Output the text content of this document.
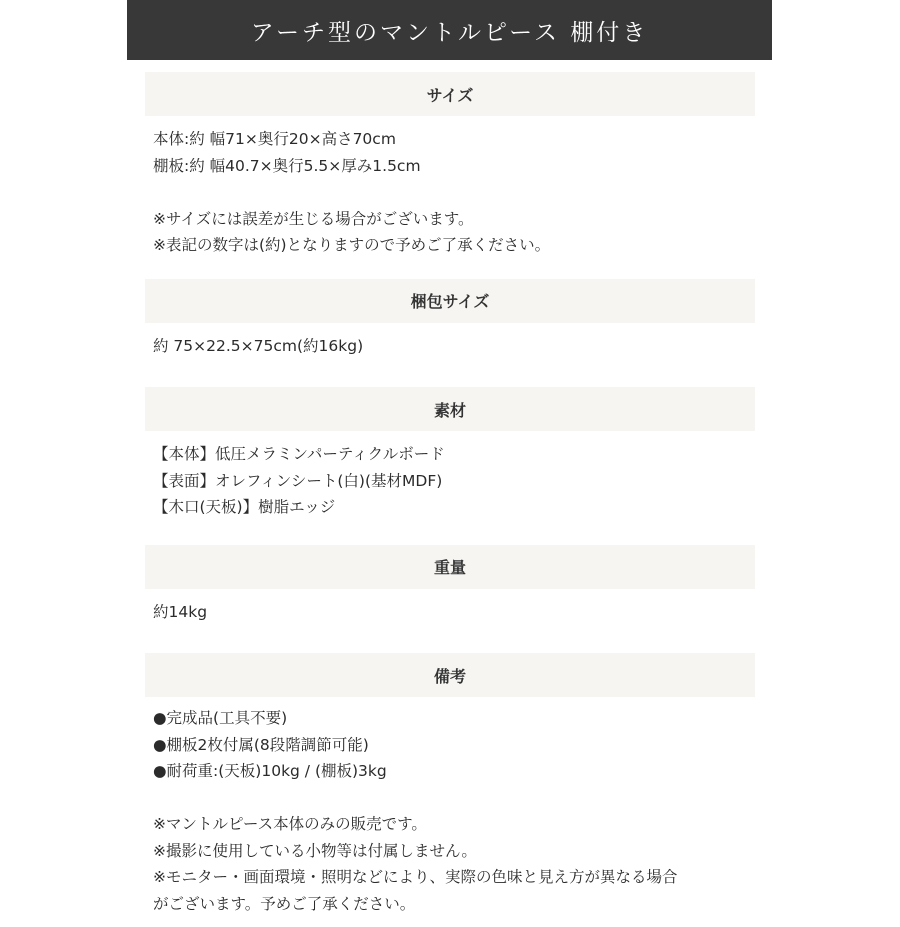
アーチ型のマントルピース 棚付き
サイズ
本体:約 幅71×奥行20×高さ70cm
棚板:約 幅40.7×奥行5.5×厚み1.5cm
※サイズには誤差が生じる場合がございます。
※表記の数字は(約)となりますので予めご了承ください。
梱包サイズ
約 75×22.5×75cm(約16kg)
素材
【本体】低圧メラミンパーティクルボード
【表面】オレフィンシート(白)(基材MDF)
【木口(天板)】樹脂エッジ
重量
約14kg
備考
●完成品(工具不要)
●棚板2枚付属(8段階調節可能)
●耐荷重:(天板)10kg / (棚板)3kg
※マントルピース本体のみの販売です。
※撮影に使用している小物等は付属しません。
※モニター・画面環境・照明などにより、実際の色味と見え方が異なる場合
がございます。予めご了承ください。
